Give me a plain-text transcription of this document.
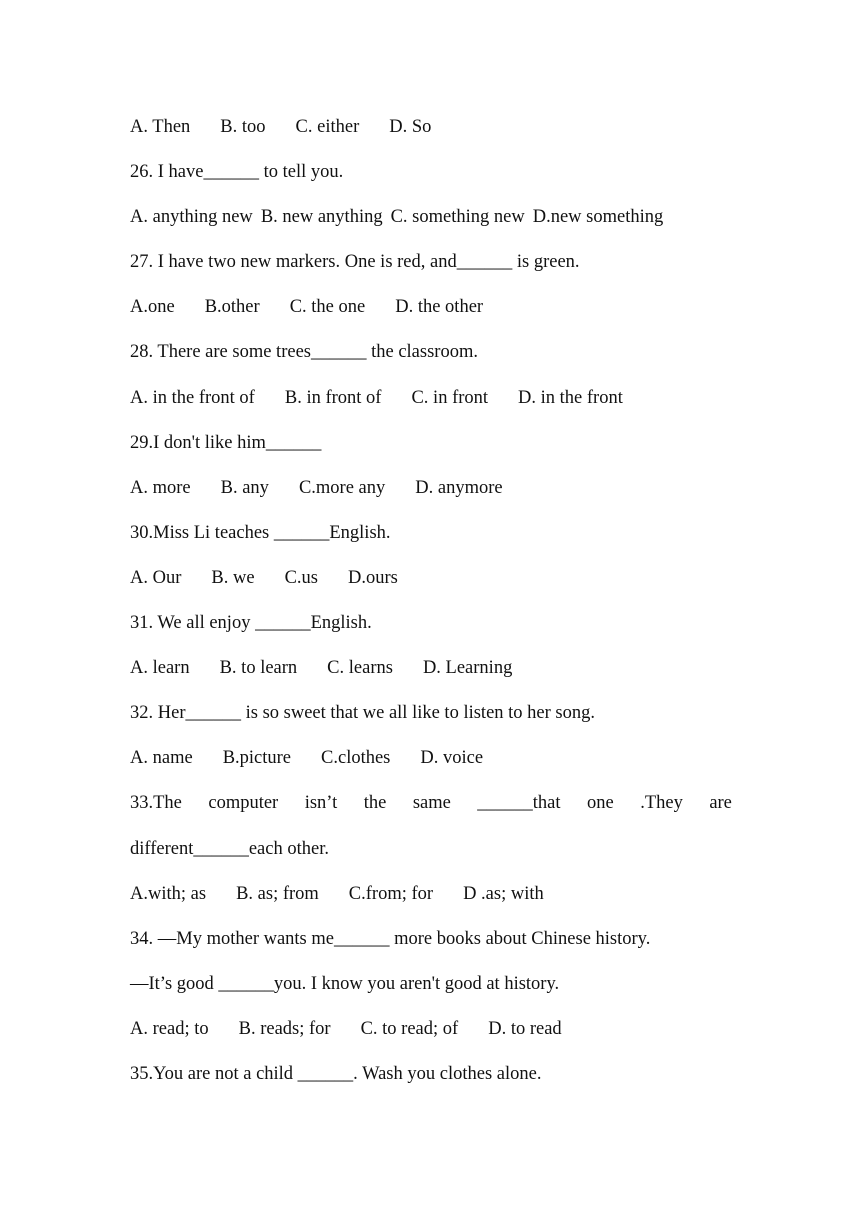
A. Then B. too C. either D. So
26. I have______ to tell you.
A. anything new B. new anything C. something new D.new something
27. I have two new markers. One is red, and______ is green.
A.one B.other C. the one D. the other
28. There are some trees______ the classroom.
A. in the front of B. in front of C. in front D. in the front
29.I don't like him______
A. more B. any C.more any D. anymore
30.Miss Li teaches ______English.
A. Our B. we C.us D.ours
31. We all enjoy ______English.
A. learn B. to learn C. learns D. Learning
32. Her______ is so sweet that we all like to listen to her song.
A. name B.picture C.clothes D. voice
33.The computer isn’t the same ______that one .They are
different______each other.
A.with; as B. as; from C.from; for D .as; with
34. —My mother wants me______ more books about Chinese history.
—It’s good ______you. I know you aren't good at history.
A. read; to B. reads; for C. to read; of D. to read
35.You are not a child ______. Wash you clothes alone.
